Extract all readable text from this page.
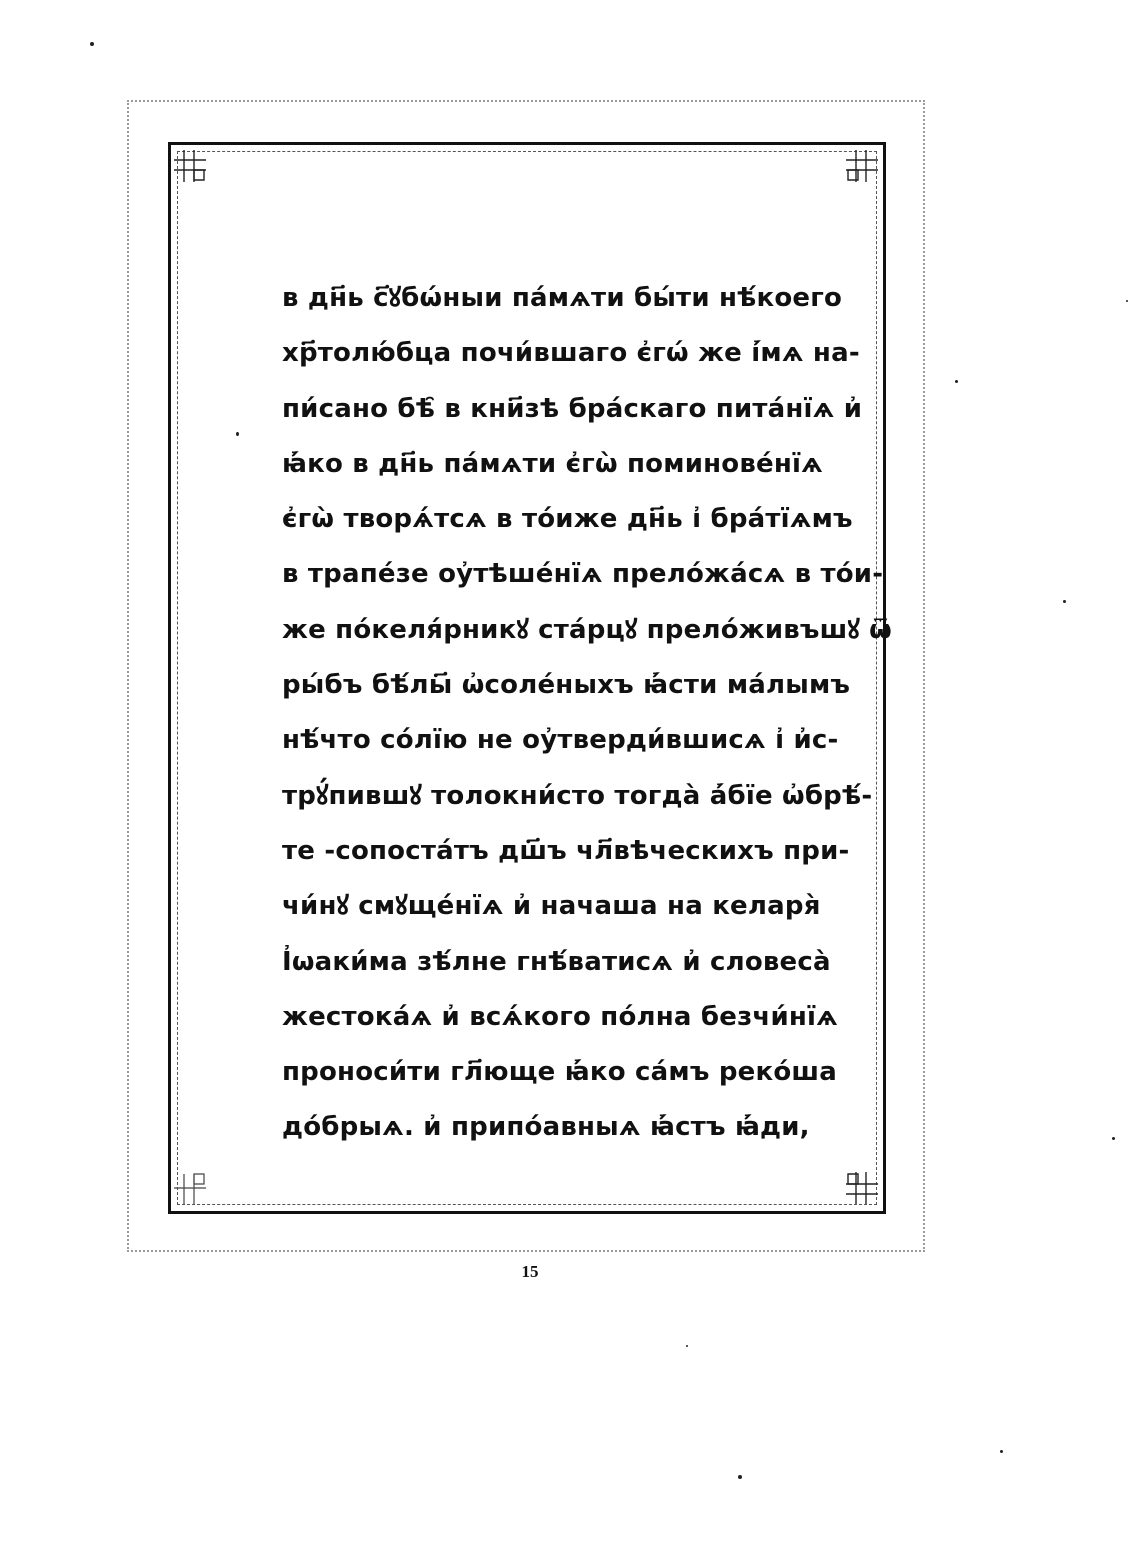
в дн҃ь с҃ꙋбѡ́ныи па́мѧти бы́ти нѣ́коего
хр҃толю́бца почи́вшаго є҆гѡ́ же і҆́мѧ на-
пи́сано бѣ̑ в кни҃зѣ бра́скаго пита́нїѧ и҆
ꙗ҆́ко в дн҃ь па́мѧти є҆гѡ̀ поминове́нїѧ
є҆гѡ̀ творѧ́тсѧ в то́иже дн҃ь і҆ бра́тїѧмъ
в трапе́зе оу҆тѣше́нїѧ прело́жа́сѧ в то́и-
же по́келя́рникꙋ ста́рцꙋ прело́живъшꙋ ѿ
ры́бъ бѣ́лы҃ ѡ҆соле́ныхъ ꙗ҆́сти ма́лымъ
нѣ́что со́лїю не оу҆тверди́вшисѧ і҆ и҆с-
трꙋ́пившꙋ толокни́сто тогда̀ а҆́бїе ѡ҆брѣ́-
те ‑сопоста́тъ дш҃ъ чл҃вѣческихъ при-
чи́нꙋ смꙋще́нїѧ и҆ начаша на келаря̀
І҆ѡаки́ма зѣ́лне гнѣ́ватисѧ и҆ словеса̀
жестока́ѧ и҆ всѧ́кого по́лна безчи́нїѧ
проноси́ти гл҃юще ꙗ҆́ко са́мъ реко́ша
до́брыѧ. и҆ припо́авныѧ ꙗ҆́стъ ꙗ҆́ди,
15
